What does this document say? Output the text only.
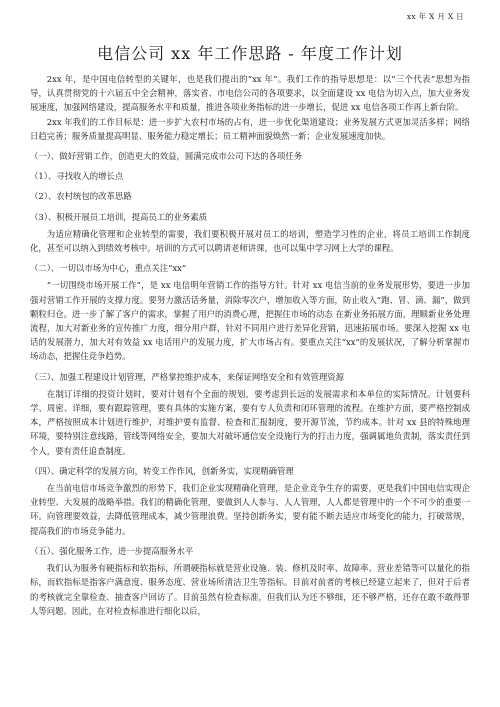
xx 年 X 月 X 日
电信公司 xx 年工作思路 - 年度工作计划

2xx 年，是中国电信转型的关键年，也是我们提出的“xx 年”。我们工作的指导思想是：以“三个代表”思想为指导，认真贯彻党的十六届五中全会精神，落实省、市电信公司的各项要求，以全面建设 xx 电信为切入点，加大业务发展速度，加强网络建设，提高服务水平和质量，推进各项业务指标的进一步增长，促进 xx 电信各项工作再上新台阶。

2xx 年我们的工作目标是：进一步扩大农村市场的占有，进一步优化渠道建设；业务发展方式更加灵活多样；网络日趋完善；服务质量提高明显、服务能力稳定增长；员工精神面貌焕然一新；企业发展速度加快。

（一）、做好营销工作，创造更大的效益，圆满完成市公司下达的各项任务

（1）、寻找收入的增长点

（2）、农村统包的改革思路

（3）、积极开展员工培训，提高员工的业务素质

为适应精确化管理和企业转型的需要，我们要积极开展对员工的培训，塑造学习性的企业，将员工培训工作制度化，甚至可以纳入到绩效考核中。培训的方式可以聘请老师讲课，也可以集中学习网上大学的课程。

（二）、一切以市场为中心，重点关注“xx”

“一切围绕市场开展工作”，是 xx 电信明年营销工作的指导方针。针对 xx 电信当前的业务发展形势，要进一步加强对营销工作开展的支撑力度。要努力激活话务量，消除零次户，增加收入等方面，防止收入“跑、冒、滴、漏”，做到颗粒归仓。进一步了解了客户的需求，掌握了用户的消费心理，把握住市场的动态 在新业务拓展方面，理顺新业务处理流程，加大对新业务的宣传推广力度，细分用户群，针对不同用户进行差异化营销，迅速拓展市场。要深入挖掘 xx 电话的发展潜力，加大对有效益 xx 电话用户的发展力度，扩大市场占有。要重点关注“xx”的发展状况，了解分析掌握市场动态，把握住竞争趋势。

（三）、加强工程建设计划管理，严格掌控维护成本，来保证网络安全和有效管理资源

在制订详细的投资计划时，要对计划有个全面的规划，要考虑到长远的发展需求和本单位的实际情况。计划要科学、周密、详细，要有跟踪管理，要有具体的实施方案，要有专人负责和闭环管理的流程。在维护方面，要严格控制成本，严格按照成本计划进行维护，对维护要有监督、检查和汇报制度，要开源节流，节约成本。针对 xx 县的特殊地理环境，要特别注意线路，管线等网络安全，要加大对破坏通信安全设施行为的打击力度，强调属地负责制，落实责任到个人，要有责任追查制度。

（四）、确定科学的发展方向，转变工作作风，创新务实，实现精确管理

在当前电信市场竞争激烈的形势下，我们企业实现精确化管理，是企业竞争生存的需要，更是我们中国电信实现企业转型、大发展的战略举措。我们的精确化管理，要做到人人参与、人人管理，人人都是管理中的一个不可少的重要一环。向管理要效益，去降低管理成本，减少管理浪费。坚持创新务实，要有能不断去适应市场变化的能力，打破常规，提高我们的市场竞争能力。

（五）、强化服务工作，进一步提高服务水平

我们认为服务有硬指标和软指标，所谓硬指标就是营业设施、装、修机及时率、故障率、营业差错等可以量化的指标，而软指标是指客户满意度、服务态度、营业场所清洁卫生等指标。目前对前者的考核已经建立起来了，但对于后者的考核就完全靠检查、抽查客户回访了。目前虽然有检查标准，但我们认为还不够细，还不够严格，还存在敢不敢得罪人等问题。因此，在对检查标准进行细化以后，
